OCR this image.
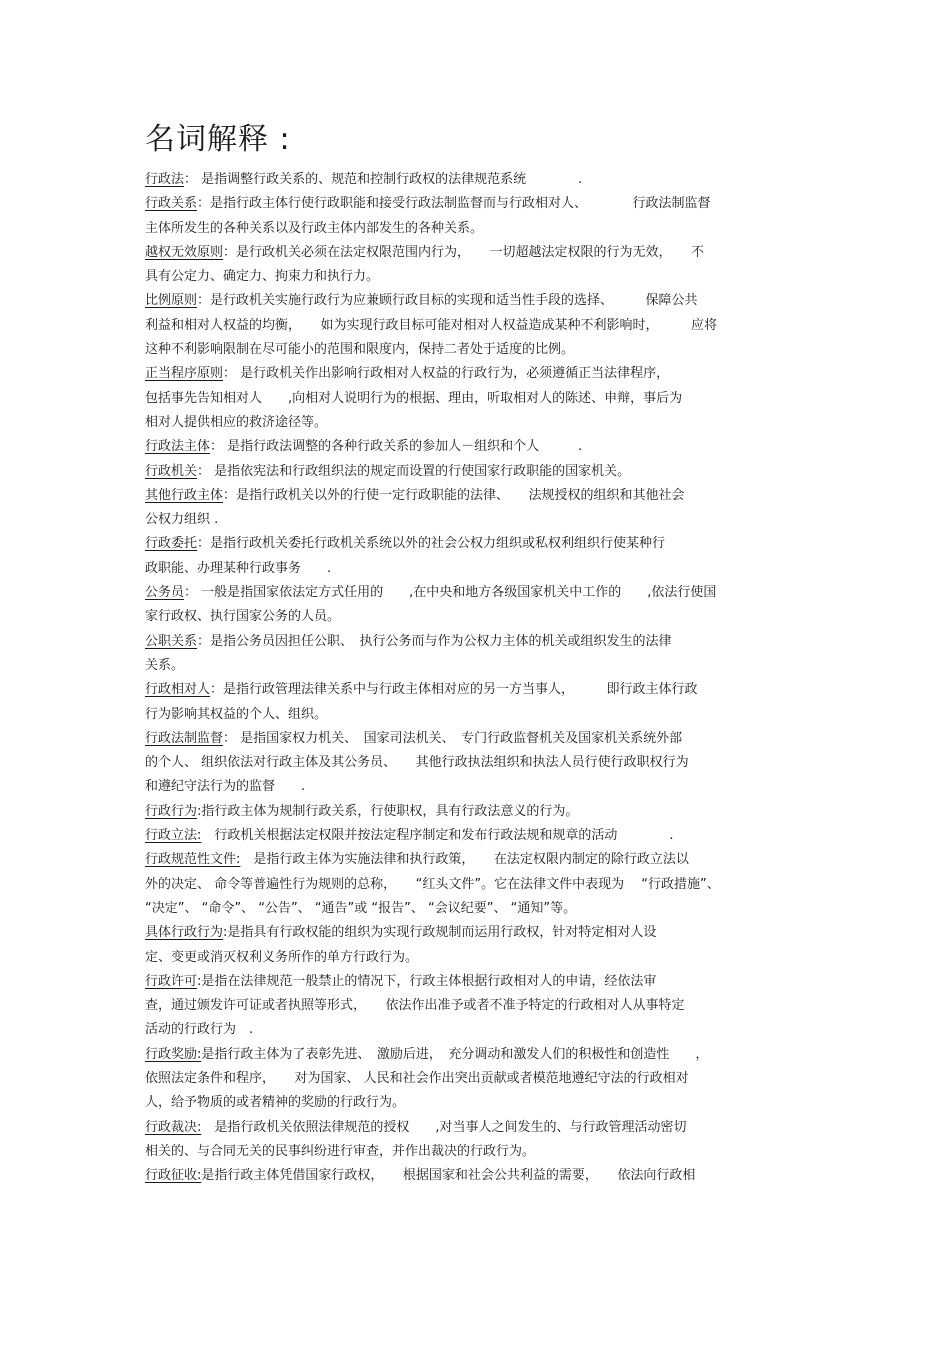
名词解释 :

行政法： 是指调整行政关系的、规范和控制行政权的法律规范系统　　　　.

行政关系：是指行政主体行使行政职能和接受行政法制监督而与行政相对人、　　　　行政法制监督
主体所发生的各种关系以及行政主体内部发生的各种关系。

越权无效原则：是行政机关必须在法定权限范围内行为，　　一切超越法定权限的行为无效，　　不
具有公定力、确定力、拘束力和执行力。

比例原则：是行政机关实施行政行为应兼顾行政目标的实现和适当性手段的选择、　　　保障公共
利益和相对人权益的均衡，　　如为实现行政目标可能对相对人权益造成某种不利影响时，　　　应将
这种不利影响限制在尽可能小的范围和限度内，保持二者处于适度的比例。

正当程序原则： 是行政机关作出影响行政相对人权益的行政行为，必须遵循正当法律程序，
包括事先告知相对人　　,向相对人说明行为的根据、理由，听取相对人的陈述、申辩，事后为
相对人提供相应的救济途径等。

行政法主体： 是指行政法调整的各种行政关系的参加人－组织和个人　　　.

行政机关： 是指依宪法和行政组织法的规定而设置的行使国家行政职能的国家机关。

其他行政主体：是指行政机关以外的行使一定行政职能的法律、　　法规授权的组织和其他社会
公权力组织 .

行政委托：是指行政机关委托行政机关系统以外的社会公权力组织或私权利组织行使某种行
政职能、办理某种行政事务　　.

公务员： 一般是指国家依法定方式任用的　　,在中央和地方各级国家机关中工作的　　,依法行使国
家行政权、执行国家公务的人员。

公职关系：是指公务员因担任公职、　执行公务而与作为公权力主体的机关或组织发生的法律
关系。

行政相对人：是指行政管理法律关系中与行政主体相对应的另一方当事人，　　　即行政主体行政
行为影响其权益的个人、组织。

行政法制监督： 是指国家权力机关、　国家司法机关、　专门行政监督机关及国家机关系统外部
的个人、 组织依法对行政主体及其公务员、　　其他行政执法组织和执法人员行使行政职权行为
和遵纪守法行为的监督　　.

行政行为:指行政主体为规制行政关系，行使职权，具有行政法意义的行为。

行政立法:　行政机关根据法定权限并按法定程序制定和发布行政法规和规章的活动　　　　.

行政规范性文件:　是指行政主体为实施法律和执行政策，　　在法定权限内制定的除行政立法以
外的决定、 命令等普遍性行为规则的总称，　　“红头文件”。它在法律文件中表现为　 “行政措施”、
“决定”、 “命令”、 “公告”、 “通告”或 “报告”、 “会议纪要”、 “通知”等。

具体行政行为:是指具有行政权能的组织为实现行政规制而运用行政权，针对特定相对人设
定、变更或消灭权利义务所作的单方行政行为。

行政许可:是指在法律规范一般禁止的情况下，行政主体根据行政相对人的申请，经依法审
查，通过颁发许可证或者执照等形式，　　依法作出准予或者不准予特定的行政相对人从事特定
活动的行政行为　.

行政奖励:是指行政主体为了表彰先进、　激励后进，　充分调动和激发人们的积极性和创造性　　，
依照法定条件和程序，　　对为国家、 人民和社会作出突出贡献或者模范地遵纪守法的行政相对
人，给予物质的或者精神的奖励的行政行为。

行政裁决:　是指行政机关依照法律规范的授权　　,对当事人之间发生的、与行政管理活动密切
相关的、与合同无关的民事纠纷进行审查，并作出裁决的行政行为。

行政征收:是指行政主体凭借国家行政权，　　根据国家和社会公共利益的需要，　　依法向行政相
